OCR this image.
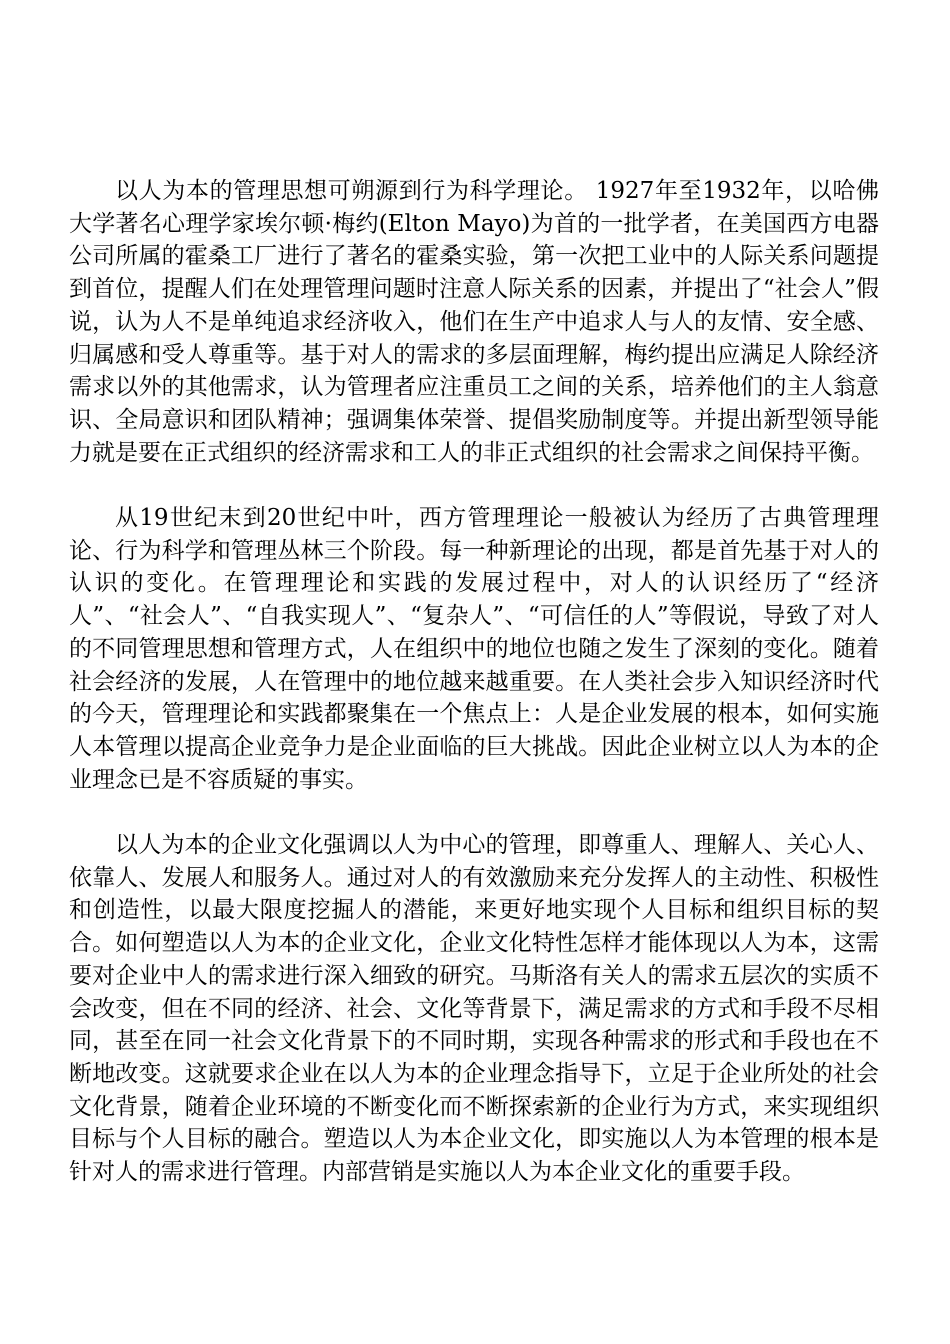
以人为本的管理思想可朔源到行为科学理论。 1927年至1932年，以哈佛大学著名心理学家埃尔顿·梅约(Elton Mayo)为首的一批学者，在美国西方电器公司所属的霍桑工厂进行了著名的霍桑实验，第一次把工业中的人际关系问题提到首位，提醒人们在处理管理问题时注意人际关系的因素，并提出了“社会人”假说，认为人不是单纯追求经济收入，他们在生产中追求人与人的友情、安全感、归属感和受人尊重等。基于对人的需求的多层面理解，梅约提出应满足人除经济需求以外的其他需求，认为管理者应注重员工之间的关系，培养他们的主人翁意识、全局意识和团队精神；强调集体荣誉、提倡奖励制度等。并提出新型领导能力就是要在正式组织的经济需求和工人的非正式组织的社会需求之间保持平衡。

从19世纪末到20世纪中叶，西方管理理论一般被认为经历了古典管理理论、行为科学和管理丛林三个阶段。每一种新理论的出现，都是首先基于对人的认识的变化。在管理理论和实践的发展过程中，对人的认识经历了“经济人”、“社会人”、“自我实现人”、“复杂人”、“可信任的人”等假说，导致了对人的不同管理思想和管理方式，人在组织中的地位也随之发生了深刻的变化。随着社会经济的发展，人在管理中的地位越来越重要。在人类社会步入知识经济时代的今天，管理理论和实践都聚集在一个焦点上：人是企业发展的根本，如何实施人本管理以提高企业竞争力是企业面临的巨大挑战。因此企业树立以人为本的企业理念已是不容质疑的事实。

以人为本的企业文化强调以人为中心的管理，即尊重人、理解人、关心人、依靠人、发展人和服务人。通过对人的有效激励来充分发挥人的主动性、积极性和创造性，以最大限度挖掘人的潜能，来更好地实现个人目标和组织目标的契合。如何塑造以人为本的企业文化，企业文化特性怎样才能体现以人为本，这需要对企业中人的需求进行深入细致的研究。马斯洛有关人的需求五层次的实质不会改变，但在不同的经济、社会、文化等背景下，满足需求的方式和手段不尽相同，甚至在同一社会文化背景下的不同时期，实现各种需求的形式和手段也在不断地改变。这就要求企业在以人为本的企业理念指导下，立足于企业所处的社会文化背景，随着企业环境的不断变化而不断探索新的企业行为方式，来实现组织目标与个人目标的融合。塑造以人为本企业文化，即实施以人为本管理的根本是针对人的需求进行管理。内部营销是实施以人为本企业文化的重要手段。
